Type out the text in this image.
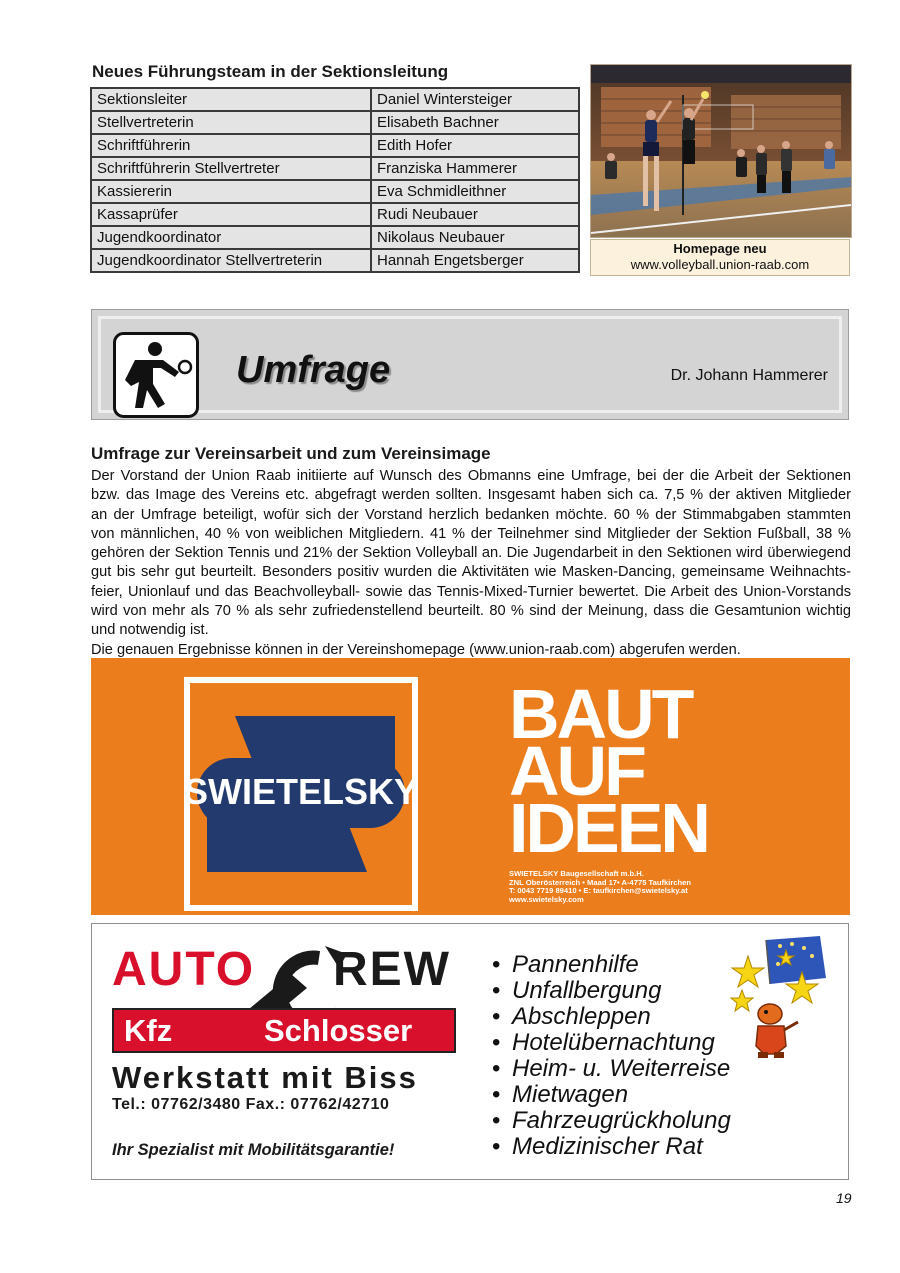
Neues Führungsteam in der Sektionsleitung
Sektionsleiter	Daniel Wintersteiger
Stellvertreterin	Elisabeth Bachner
Schriftführerin	Edith Hofer
Schriftführerin Stellvertreter	Franziska Hammerer
Kassiererin	Eva Schmidleithner
Kassaprüfer	Rudi Neubauer
Jugendkoordinator	Nikolaus Neubauer
Jugendkoordinator Stellvertreterin	Hannah Engetsberger
Homepage neu
www.volleyball.union-raab.com
Umfrage	Dr. Johann Hammerer
Umfrage zur Vereinsarbeit und zum Vereinsimage

Der Vorstand der Union Raab initiierte auf Wunsch des Obmanns eine Umfrage, bei der die Arbeit der Sektionen
bzw. das Image des Vereins etc. abgefragt werden sollten. Insgesamt haben sich ca. 7,5 % der aktiven Mitglieder
an der Umfrage beteiligt, wofür sich der Vorstand herzlich bedanken möchte. 60 % der Stimmabgaben stammten
von männlichen, 40 % von weiblichen Mitgliedern. 41 % der Teilnehmer sind Mitglieder der Sektion Fußball, 38 %
gehören der Sektion Tennis und 21% der Sektion Volleyball an. Die Jugendarbeit in den Sektionen wird überwiegend
gut bis sehr gut beurteilt. Besonders positiv wurden die Aktivitäten wie Masken-Dancing, gemeinsame Weihnachts-
feier, Unionlauf und das Beachvolleyball- sowie das Tennis-Mixed-Turnier bewertet. Die Arbeit des Union-Vorstands
wird von mehr als 70 % als sehr zufriedenstellend beurteilt. 80 % sind der Meinung, dass die Gesamtunion wichtig
und notwendig ist.

Die genauen Ergebnisse können in der Vereinshomepage (www.union-raab.com) abgerufen werden.

SWIETELSKY
BAUT
AUF
IDEEN
SWIETELSKY Baugesellschaft m.b.H.
ZNL Oberösterreich • Maad 17• A-4775 Taufkirchen
T: 0043 7719 89410 • E: taufkirchen@swietelsky.at
www.swietelsky.com
AUTO REW
Kfz	Schlosser
Werkstatt mit Biss
Tel.: 07762/3480 Fax.: 07762/42710
Ihr Spezialist mit Mobilitätsgarantie!
• Pannenhilfe
• Unfallbergung
• Abschleppen
• Hotelübernachtung
• Heim- u. Weiterreise
• Mietwagen
• Fahrzeugrückholung
• Medizinischer Rat
19
